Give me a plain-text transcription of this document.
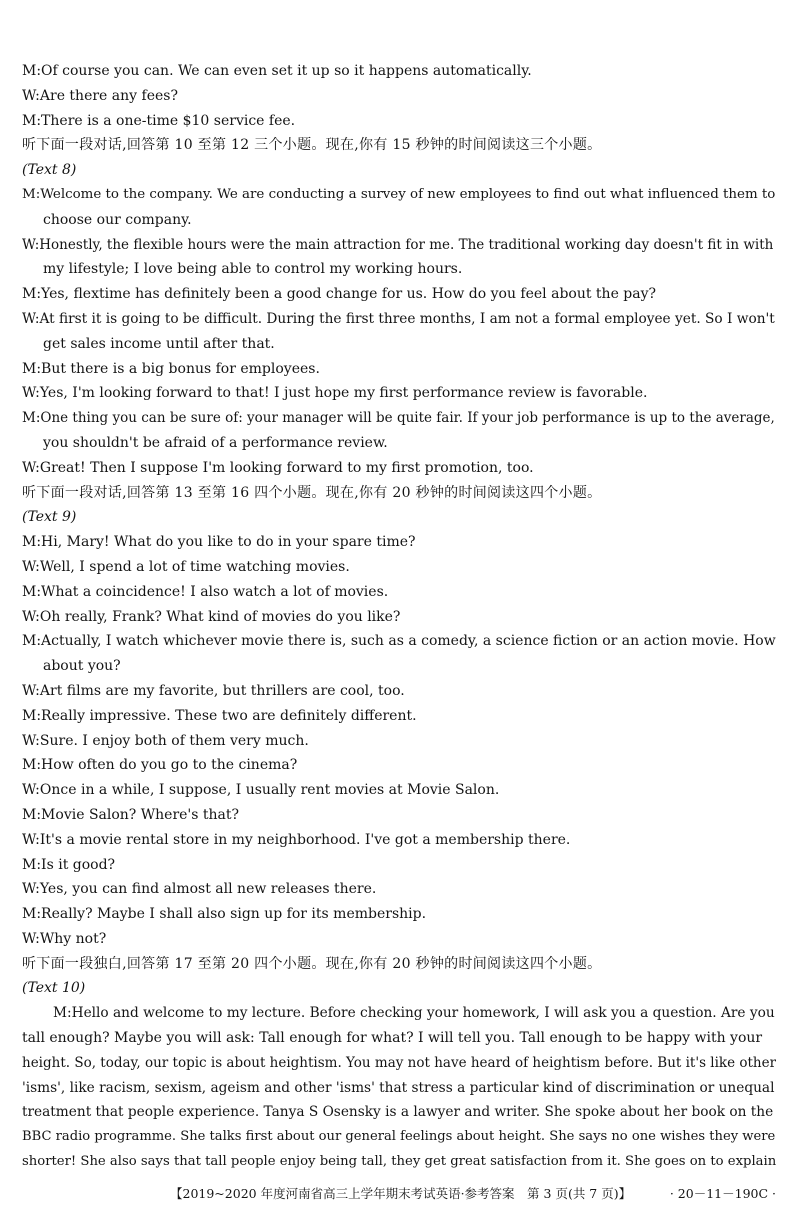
M:Of course you can. We can even set it up so it happens automatically.
W:Are there any fees?
M:There is a one-time $10 service fee.
听下面一段对话,回答第 10 至第 12 三个小题。现在,你有 15 秒钟的时间阅读这三个小题。
(Text 8)
M:Welcome to the company. We are conducting a survey of new employees to find out what influenced them to
choose our company.
W:Honestly, the flexible hours were the main attraction for me. The traditional working day doesn't fit in with
my lifestyle; I love being able to control my working hours.
M:Yes, flextime has definitely been a good change for us. How do you feel about the pay?
W:At first it is going to be difficult. During the first three months, I am not a formal employee yet. So I won't
get sales income until after that.
M:But there is a big bonus for employees.
W:Yes, I'm looking forward to that! I just hope my first performance review is favorable.
M:One thing you can be sure of: your manager will be quite fair. If your job performance is up to the average,
you shouldn't be afraid of a performance review.
W:Great! Then I suppose I'm looking forward to my first promotion, too.
听下面一段对话,回答第 13 至第 16 四个小题。现在,你有 20 秒钟的时间阅读这四个小题。
(Text 9)
M:Hi, Mary! What do you like to do in your spare time?
W:Well, I spend a lot of time watching movies.
M:What a coincidence! I also watch a lot of movies.
W:Oh really, Frank? What kind of movies do you like?
M:Actually, I watch whichever movie there is, such as a comedy, a science fiction or an action movie. How
about you?
W:Art films are my favorite, but thrillers are cool, too.
M:Really impressive. These two are definitely different.
W:Sure. I enjoy both of them very much.
M:How often do you go to the cinema?
W:Once in a while, I suppose, I usually rent movies at Movie Salon.
M:Movie Salon? Where's that?
W:It's a movie rental store in my neighborhood. I've got a membership there.
M:Is it good?
W:Yes, you can find almost all new releases there.
M:Really? Maybe I shall also sign up for its membership.
W:Why not?
听下面一段独白,回答第 17 至第 20 四个小题。现在,你有 20 秒钟的时间阅读这四个小题。
(Text 10)
M:Hello and welcome to my lecture. Before checking your homework, I will ask you a question. Are you
tall enough? Maybe you will ask: Tall enough for what? I will tell you. Tall enough to be happy with your
height. So, today, our topic is about heightism. You may not have heard of heightism before. But it's like other
'isms', like racism, sexism, ageism and other 'isms' that stress a particular kind of discrimination or unequal
treatment that people experience. Tanya S Osensky is a lawyer and writer. She spoke about her book on the
BBC radio programme. She talks first about our general feelings about height. She says no one wishes they were
shorter! She also says that tall people enjoy being tall, they get great satisfaction from it. She goes on to explain
【2019~2020 年度河南省高三上学年期末考试英语·参考答案　第 3 页(共 7 页)】	· 20－11－190C ·
